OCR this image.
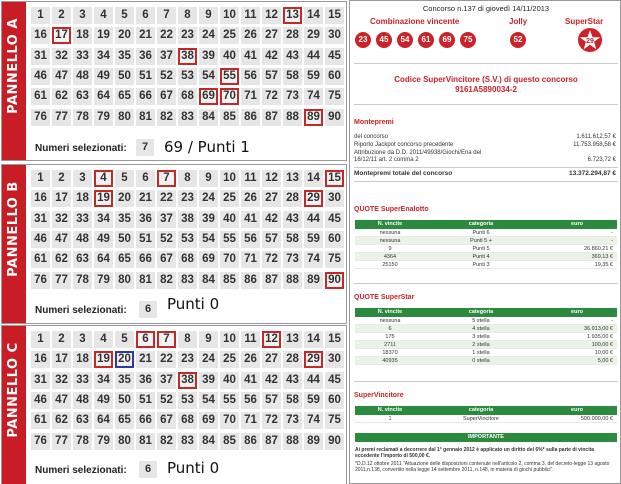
PANNELLO A
1	2	3	4	5	6	7	8	9 10 11 12 13 14 15
16 17 18 19 20 21 22 23 24 25 26 27 28 29 30
31 32 33 34 35 36 37 38 39 40 41 42 43 44 45
46 47 48 49 50 51 52 53 54 55 56 57 58 59 60
61 62 63 64 65 66 67 68 69 70 71 72 73 74 75
76 77 78 79 80 81 82 83 84 85 86 87 88 89 90
Numeri selezionati:	7	69 / Punti 1
PANNELLO B
1	2	3	4	5	6	7	8	9 10 11 12 13 14 15
16 17 18 19 20 21 22 23 24 25 26 27 28 29 30
31 32 33 34 35 36 37 38 39 40 41 42 43 44 45
46 47 48 49 50 51 52 53 54 55 56 57 58 59 60
61 62 63 64 65 66 67 68 69 70 71 72 73 74 75
76 77 78 79 80 81 82 83 84 85 86 87 88 89 90
Numeri selezionati:	6	Punti 0
PANNELLO C
1	2	3	4	5	6	7	8	9 10 11 12 13 14 15
16 17 18 19 20 21 22 23 24 25 26 27 28 29 30
31 32 33 34 35 36 37 38 39 40 41 42 43 44 45
46 47 48 49 50 51 52 53 54 55 56 57 58 59 60
61 62 63 64 65 66 67 68 69 70 71 72 73 74 75
76 77 78 79 80 81 82 83 84 85 86 87 88 89 90
Numeri selezionati:	6	Punti 0
Concorso n.137 di giovedì 14/11/2013
Combinazione vincente	Jolly	SuperStar
23	45	54	61	69	75	52	29
Codice SuperVincitore (S.V.) di questo concorso
9161A5890034-2
Montepremi
del concorso	1.611.612,57 €
Riporto Jackpot concorso precedente	11.753.958,58 €
Attribuzione da D.D. 2011/49938/Giochi/Ena del
16/12/11 art. 2 comma 2	6.723,72 €
Montepremi totale del concorso	13.372.294,87 €
QUOTE SuperEnalotto
N. vincite	categoria	euro
nessuna	Punti 6	-
nessuna	Punti 5 +	-
9	Punti 5	26.860,21 €
4364	Punti 4	369,13 €
25150	Punti 3	19,35 €
QUOTE SuperStar
N. vincite	categoria	euro
nessuna	5 stella	-
6	4 stella	36.913,00 €
175	3 stella	1.935,00 €
2711	2 stella	100,00 €
18370	1 stella	10,00 €
40935	0 stella	5,00 €
SuperVincitore
N. vincite	categoria	euro
1	SuperVincitore	500.000,00 €
IMPORTANTE
Ai premi reclamati a decorrere dal 1° gennaio 2012 è applicato un diritto del 6%* sulla parte di vincita eccedente l'importo di 500,00 €.
*D.D.12 ottobre 2011 "Attuazione delle disposizioni contenute nell'articolo 2, comma 3, del decreto-legge 13 agosto 2011,n.138, convertito nella legge 14 settembre 2011, n.148, in materia di giochi pubblici".
